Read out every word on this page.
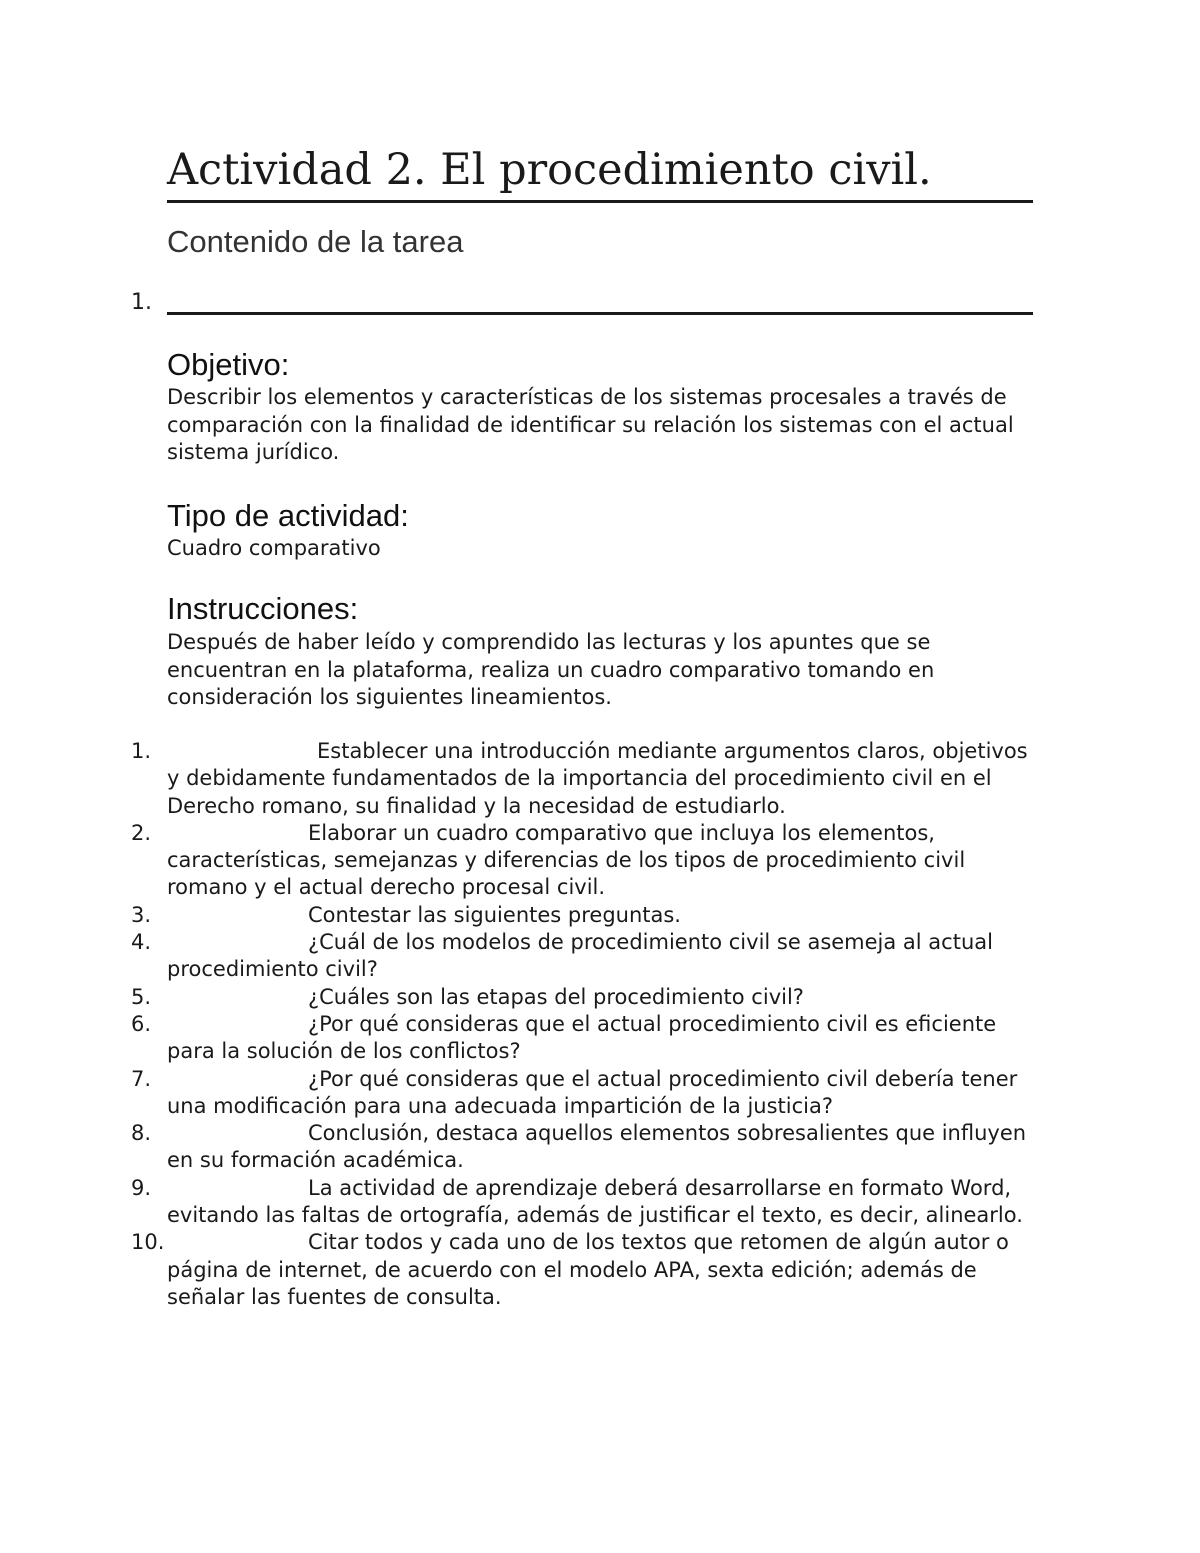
Actividad 2. El procedimiento civil.
Contenido de la tarea
1.
Objetivo:
Describir los elementos y características de los sistemas procesales a través de comparación con la finalidad de identificar su relación los sistemas con el actual sistema jurídico.
Tipo de actividad:
Cuadro comparativo
Instrucciones:
Después de haber leído y comprendido las lecturas y los apuntes que se encuentran en la plataforma, realiza un cuadro comparativo tomando en consideración los siguientes lineamientos.
1.	Establecer una introducción mediante argumentos claros, objetivos y debidamente fundamentados de la importancia del procedimiento civil en el Derecho romano, su finalidad y la necesidad de estudiarlo.
2.	Elaborar un cuadro comparativo que incluya los elementos, características, semejanzas y diferencias de los tipos de procedimiento civil romano y el actual derecho procesal civil.
3.	Contestar las siguientes preguntas.
4.	¿Cuál de los modelos de procedimiento civil se asemeja al actual procedimiento civil?
5.	¿Cuáles son las etapas del procedimiento civil?
6.	¿Por qué consideras que el actual procedimiento civil es eficiente para la solución de los conflictos?
7.	¿Por qué consideras que el actual procedimiento civil debería tener una modificación para una adecuada impartición de la justicia?
8.	Conclusión, destaca aquellos elementos sobresalientes que influyen en su formación académica.
9.	La actividad de aprendizaje deberá desarrollarse en formato Word, evitando las faltas de ortografía, además de justificar el texto, es decir, alinearlo.
10.	Citar todos y cada uno de los textos que retomen de algún autor o página de internet, de acuerdo con el modelo APA, sexta edición; además de señalar las fuentes de consulta.
